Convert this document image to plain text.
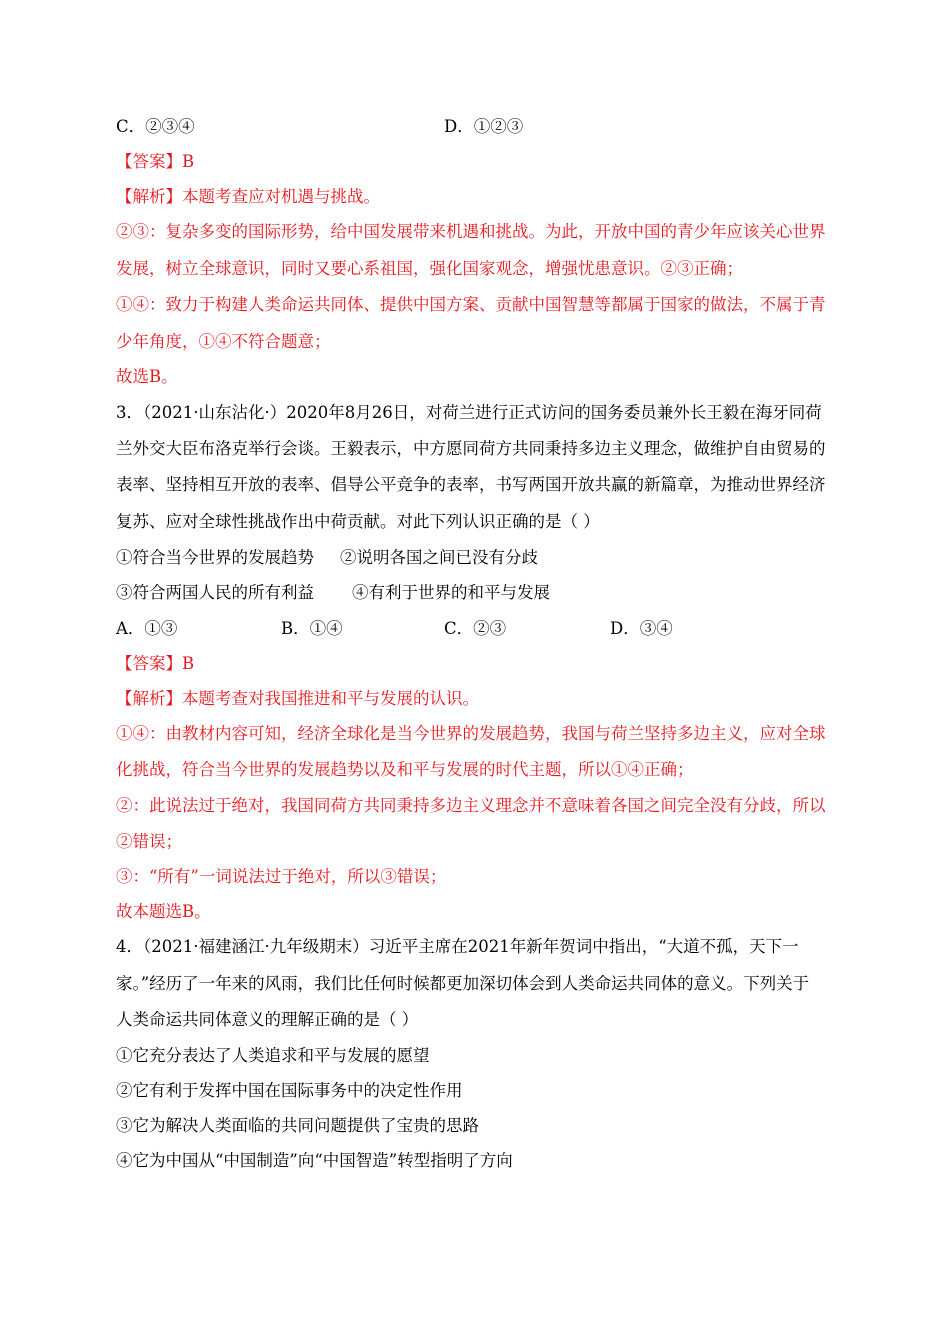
C．②③④	D．①②③
【答案】B
【解析】本题考查应对机遇与挑战。
②③：复杂多变的国际形势，给中国发展带来机遇和挑战。为此，开放中国的青少年应该关心世界
发展，树立全球意识，同时又要心系祖国，强化国家观念，增强忧患意识。②③正确；
①④：致力于构建人类命运共同体、提供中国方案、贡献中国智慧等都属于国家的做法，不属于青
少年角度，①④不符合题意；
故选B。
3．（2021·山东沾化·）2020年8月26日，对荷兰进行正式访问的国务委员兼外长王毅在海牙同荷
兰外交大臣布洛克举行会谈。王毅表示，中方愿同荷方共同秉持多边主义理念，做维护自由贸易的
表率、坚持相互开放的表率、倡导公平竞争的表率，书写两国开放共赢的新篇章，为推动世界经济
复苏、应对全球性挑战作出中荷贡献。对此下列认识正确的是（ ）
①符合当今世界的发展趋势 ②说明各国之间已没有分歧
③符合两国人民的所有利益 ④有利于世界的和平与发展
A．①③	B．①④	C．②③	D．③④
【答案】B
【解析】本题考查对我国推进和平与发展的认识。
①④：由教材内容可知，经济全球化是当今世界的发展趋势，我国与荷兰坚持多边主义，应对全球
化挑战，符合当今世界的发展趋势以及和平与发展的时代主题，所以①④正确；
②：此说法过于绝对，我国同荷方共同秉持多边主义理念并不意味着各国之间完全没有分歧，所以
②错误；
③：“所有”一词说法过于绝对，所以③错误；
故本题选B。
4．（2021·福建涵江·九年级期末）习近平主席在2021年新年贺词中指出，“大道不孤，天下一
家。”经历了一年来的风雨，我们比任何时候都更加深切体会到人类命运共同体的意义。下列关于
人类命运共同体意义的理解正确的是（ ）
①它充分表达了人类追求和平与发展的愿望
②它有利于发挥中国在国际事务中的决定性作用
③它为解决人类面临的共同问题提供了宝贵的思路
④它为中国从“中国制造”向“中国智造”转型指明了方向
